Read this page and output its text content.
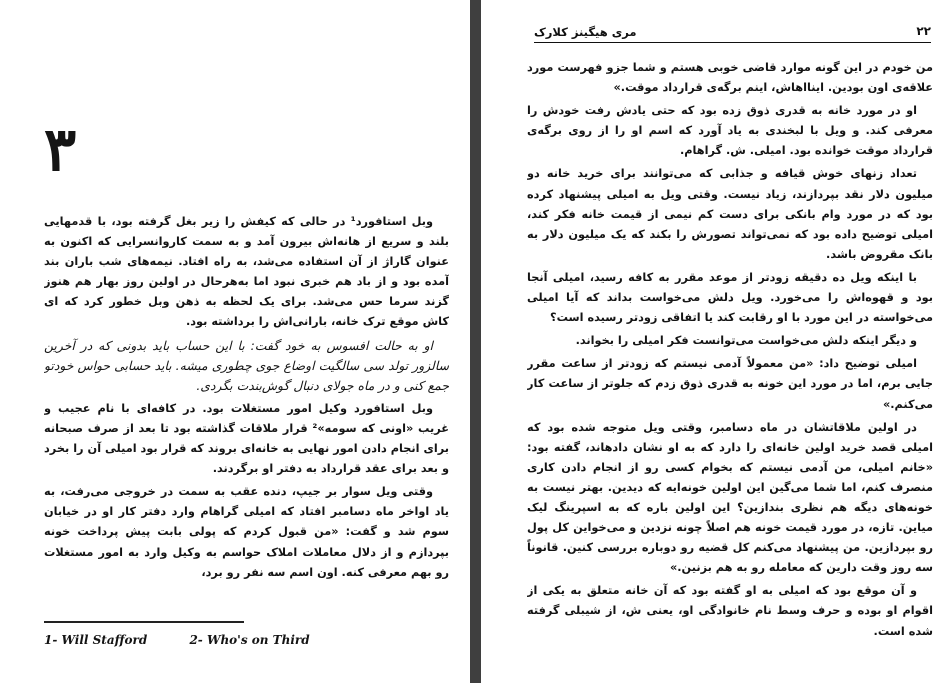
۳

وبل استافورد¹ در حالی که کیفش را زیر بغل گرفته بود، با قدمهایی بلند و سریع از هانه‌اش بیرون آمد و به سمت کاروانسرایی که اکنون به عنوان گاراژ از آن استفاده می‌شد، به راه افتاد. نیمه‌های شب باران بند آمده بود و از باد هم خبری نبود اما به‌هرحال در اولین روز بهار هم هنوز گزند سرما حس می‌شد. برای یک لحظه به ذهن وبل خطور کرد که ای کاش موقع ترک خانه، بارانی‌اش را برداشته بود.

او به حالت افسوس به خود گفت: با این حساب باید بدونی که در آخرین سالزور تولد سی سالگیت اوضاع جوی چطوری میشه. باید حسابی حواس خودتو جمع کنی و در ماه جولای دنبال گوش‌بندت بگردی.

وبل استافورد وکیل امور مستغلات بود. در کافه‌ای با نام عجیب و غریب «اونی که سومه»² قرار ملاقات گذاشته بود تا بعد از صرف صبحانه برای انجام دادن امور نهایی به خانه‌ای بروند که قرار بود امیلی آن را بخرد و بعد برای عقد قرارداد به دفتر او برگردند.

وقتی ویل سوار بر جیپ، دنده عقب به سمت در خروجی می‌رفت، به یاد اواخر ماه دسامبر افتاد که امیلی گراهام وارد دفتر کار او در خیابان سوم شد و گفت: «من قبول کردم که پولی بابت پیش پرداخت خونه بپردازم و از دلال معاملات املاک حواسم به وکیل وارد به امور مستغلات رو بهم معرفی کنه. اون اسم سه نفر رو برد،

1- Will Stafford	2- Who's on Third
مری هیگینز کلارک	۲۲

من خودم در این گونه موارد قاضی خوبی هستم و شما جزو فهرست مورد علاقه‌ی اون بودین. اینااهاش، اینم برگه‌ی قرارداد موقت.»

او در مورد خانه به قدری ذوق زده بود که حتی یادش رفت خودش را معرفی کند. و ویل با لبخندی به یاد آورد که اسم او را از روی برگه‌ی قرارداد موقت خوانده بود. امیلی. ش. گراهام.

تعداد زنهای خوش قیافه و جذابی که می‌توانند برای خرید خانه دو میلیون دلار نقد بپردازند، زیاد نیست. وقتی ویل به امیلی پیشنهاد کرده بود که در مورد وام بانکی برای دست کم نیمی از قیمت خانه فکر کند، امیلی توضیح داده بود که نمی‌تواند تصورش را بکند که یک میلیون دلار به بانک مقروض باشد.

با اینکه ویل ده دقیقه زودتر از موعد مقرر به کافه رسید، امیلی آنجا بود و قهوه‌اش را می‌خورد. ویل دلش می‌خواست بداند که آیا امیلی می‌خواسته در این مورد با او رقابت کند یا اتفاقی زودتر رسیده است؟

و دیگر اینکه دلش می‌خواست می‌توانست فکر امیلی را بخواند.

امیلی توضیح داد: «من معمولاً آدمی نیستم که زودتر از ساعت مقرر جایی برم، اما در مورد این خونه به قدری ذوق زدم که جلوتر از ساعت کار می‌کنم.»

در اولین ملاقاتشان در ماه دسامبر، وقتی ویل متوجه شده بود که امیلی قصد خرید اولین خانه‌ای را دارد که به او نشان دادهاند، گفته بود: «خانم امیلی، من آدمی نیستم که بخوام کسی رو از انجام دادن کاری منصرف کنم، اما شما می‌گین این اولین خونه‌ایه که دیدین. بهتر نیست به خونه‌های دیگه هم نظری بندازین؟ این اولین باره که به اسپرینگ لیک میاین. تازه، در مورد قیمت خونه هم اصلاً چونه نزدین و می‌خواین کل پول رو بپردازین. من پیشنهاد می‌کنم کل قضیه رو دوباره بررسی کنین. قانوناً سه روز وقت دارین که معامله رو به هم بزنین.»

و آن موقع بود که امیلی به او گفته بود که آن خانه متعلق به یکی از اقوام او بوده و حرف وسط نام خانوادگی او، یعنی ش، از شیبلی گرفته شده است.
